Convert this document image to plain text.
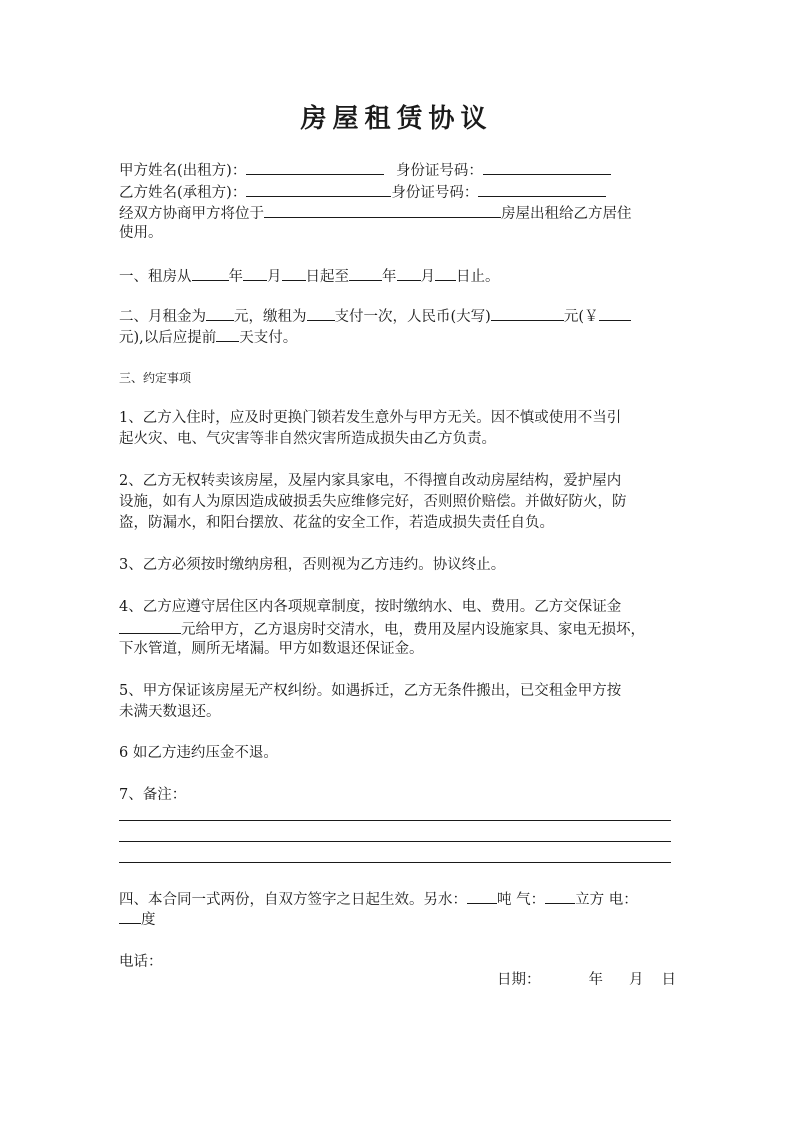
房屋租赁协议
甲方姓名(出租方)：	身份证号码：
乙方姓名(承租方)：	身份证号码：
经双方协商甲方将位于	房屋出租给乙方居住
使用。
一、租房从	年 月 日起至 年 月 日止。
二、月租金为 元，缴租为 支付一次，人民币(大写)	元(￥
元),以后应提前 天支付。
三、约定事项
1、乙方入住时，应及时更换门锁若发生意外与甲方无关。因不慎或使用不当引
起火灾、电、气灾害等非自然灾害所造成损失由乙方负责。
2、乙方无权转卖该房屋，及屋内家具家电，不得擅自改动房屋结构，爱护屋内
设施，如有人为原因造成破损丢失应维修完好，否则照价赔偿。并做好防火，防
盗，防漏水，和阳台摆放、花盆的安全工作，若造成损失责任自负。
3、乙方必须按时缴纳房租，否则视为乙方违约。协议终止。
4、乙方应遵守居住区内各项规章制度，按时缴纳水、电、费用。乙方交保证金
元给甲方，乙方退房时交清水，电，费用及屋内设施家具、家电无损坏，
下水管道，厕所无堵漏。甲方如数退还保证金。
5、甲方保证该房屋无产权纠纷。如遇拆迁，乙方无条件搬出，已交租金甲方按
未满天数退还。
6 如乙方违约压金不退。
7、备注：
四、本合同一式两份，自双方签字之日起生效。另水： 吨 气： 立方 电：
度
电话：
日期：	年 月 日
